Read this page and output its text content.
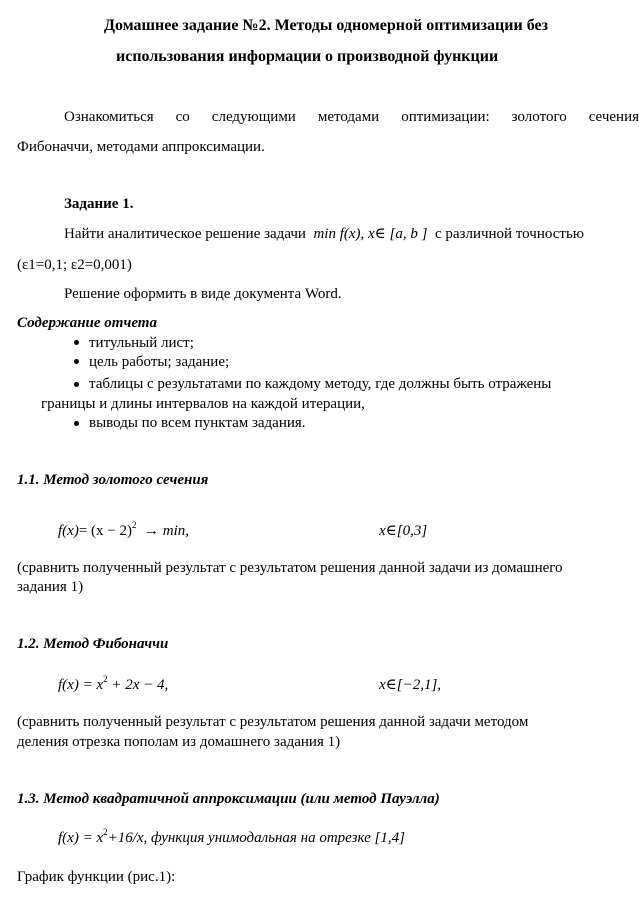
Домашнее задание №2. Методы одномерной оптимизации без
использования информации о производной функции
Ознакомиться со следующими методами оптимизации: золотого сечения
Фибоначчи, методами аппроксимации.
Задание 1.
Найти аналитическое решение задачи min f(x), x∈ [a, b ] с различной точностью
(ε1=0,1; ε2=0,001)
Решение оформить в виде документа Word.
Содержание отчета
титульный лист;
цель работы; задание;
таблицы с результатами по каждому методу, где должны быть отражены
границы и длины интервалов на каждой итерации,
выводы по всем пунктам задания.
1.1. Метод золотого сечения
$f(x)= (x - 2)^2 \to \min$,	x∈[0,3]
(сравнить полученный результат с результатом решения данной задачи из домашнего
задания 1)
1.2. Метод Фибоначчи
$f(x) = x^2 + 2x - 4$,	x∈[−2,1],
(сравнить полученный результат с результатом решения данной задачи методом
деления отрезка пополам из домашнего задания 1)
1.3. Метод квадратичной аппроксимации (или метод Пауэлла)
$f(x) = x^2+16/x$, функция унимодальная на отрезке [1,4]
График функции (рис.1):
